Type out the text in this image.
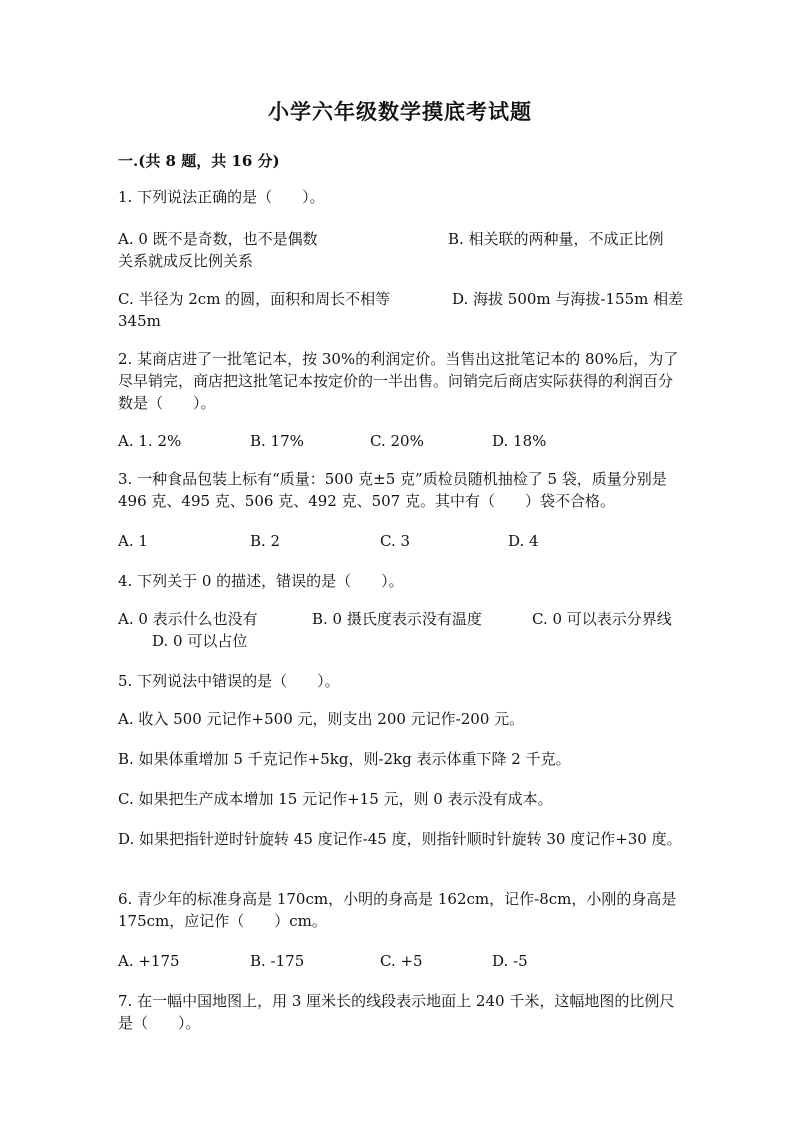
小学六年级数学摸底考试题
一.(共 8 题，共 16 分)
1. 下列说法正确的是（　　）。
A. 0 既不是奇数，也不是偶数	B. 相关联的两种量，不成正比例
关系就成反比例关系
C. 半径为 2cm 的圆，面积和周长不相等	D. 海拔 500m 与海拔-155m 相差
345m
2. 某商店进了一批笔记本，按 30%的利润定价。当售出这批笔记本的 80%后，为了尽早销完，商店把这批笔记本按定价的一半出售。问销完后商店实际获得的利润百分数是（　　）。
A. 1. 2%	B. 17%	C. 20%	D. 18%
3. 一种食品包装上标有“质量：500 克±5 克”质检员随机抽检了 5 袋，质量分别是 496 克、495 克、506 克、492 克、507 克。其中有（　　）袋不合格。
A. 1	B. 2	C. 3	D. 4
4. 下列关于 0 的描述，错误的是（　　）。
A. 0 表示什么也没有	B. 0 摄氏度表示没有温度	C. 0 可以表示分界线
D. 0 可以占位
5. 下列说法中错误的是（　　）。
A. 收入 500 元记作+500 元，则支出 200 元记作-200 元。
B. 如果体重增加 5 千克记作+5kg，则-2kg 表示体重下降 2 千克。
C. 如果把生产成本增加 15 元记作+15 元，则 0 表示没有成本。
D. 如果把指针逆时针旋转 45 度记作-45 度，则指针顺时针旋转 30 度记作+30 度。
6. 青少年的标准身高是 170cm，小明的身高是 162cm，记作-8cm，小刚的身高是 175cm，应记作（　　）cm。
A. +175	B. -175	C. +5	D. -5
7. 在一幅中国地图上，用 3 厘米长的线段表示地面上 240 千米，这幅地图的比例尺是（　　）。
